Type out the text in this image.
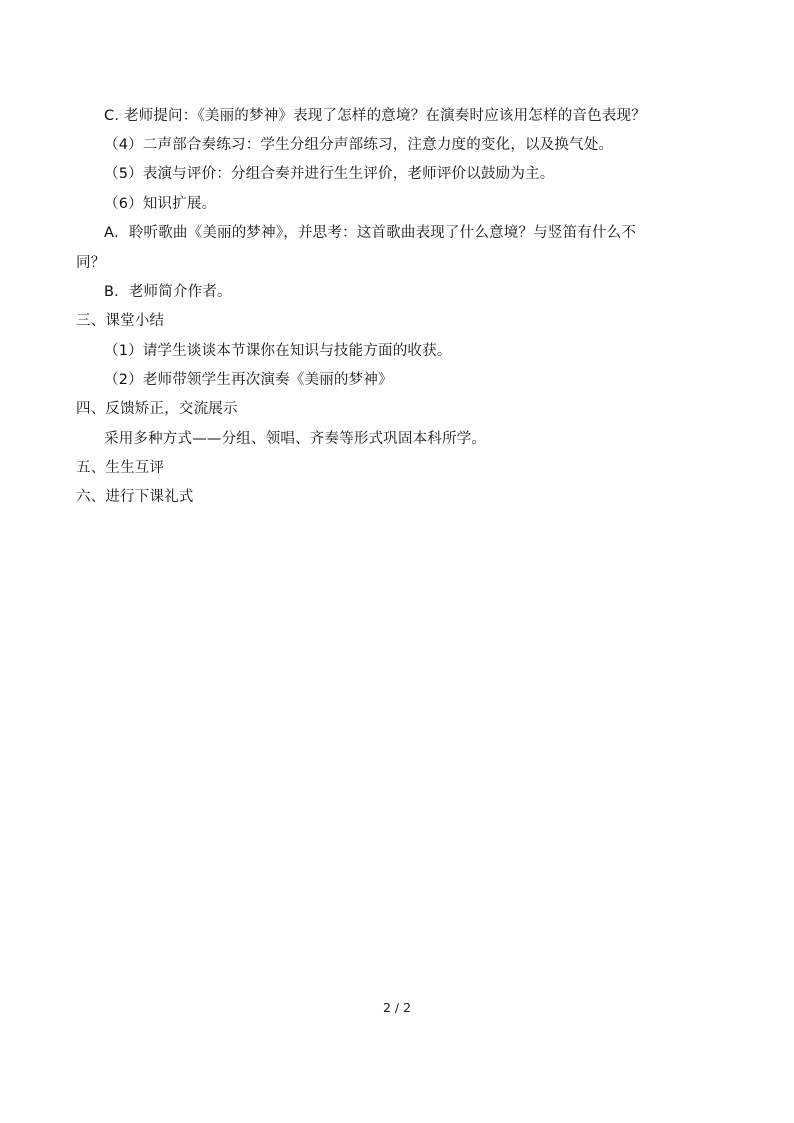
C. 老师提问：《美丽的梦神》表现了怎样的意境？在演奏时应该用怎样的音色表现？
（4）二声部合奏练习：学生分组分声部练习，注意力度的变化，以及换气处。
（5）表演与评价：分组合奏并进行生生评价，老师评价以鼓励为主。
（6）知识扩展。
A．聆听歌曲《美丽的梦神》，并思考：这首歌曲表现了什么意境？与竖笛有什么不
同？
B．老师简介作者。
三、课堂小结
（1）请学生谈谈本节课你在知识与技能方面的收获。
（2）老师带领学生再次演奏《美丽的梦神》
四、反馈矫正，交流展示
采用多种方式——分组、领唱、齐奏等形式巩固本科所学。
五、生生互评
六、进行下课礼式
2 / 2
